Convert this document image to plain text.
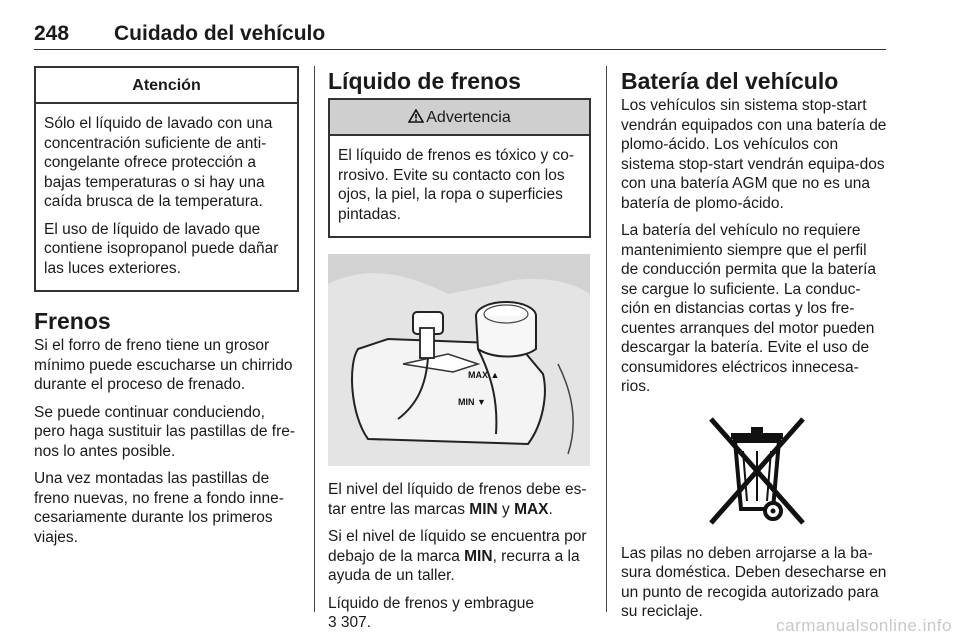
248 Cuidado del vehículo
Atención

Sólo el líquido de lavado con una concentración suficiente de anti-congelante ofrece protección a bajas temperaturas o si hay una caída brusca de la temperatura.

El uso de líquido de lavado que contiene isopropanol puede dañar las luces exteriores.

Frenos

Si el forro de freno tiene un grosor mínimo puede escucharse un chirrido durante el proceso de frenado.

Se puede continuar conduciendo, pero haga sustituir las pastillas de fre-nos lo antes posible.

Una vez montadas las pastillas de freno nuevas, no frene a fondo inne-cesariamente durante los primeros viajes.

Líquido de frenos
Advertencia

El líquido de frenos es tóxico y co-rrosivo. Evite su contacto con los ojos, la piel, la ropa o superficies pintadas.

MAX ▲
MIN ▼

El nivel del líquido de frenos debe es-tar entre las marcas MIN y MAX.

Si el nivel de líquido se encuentra por debajo de la marca MIN, recurra a la ayuda de un taller.

Líquido de frenos y embrague
3 307.

Batería del vehículo

Los vehículos sin sistema stop-start vendrán equipados con una batería de plomo-ácido. Los vehículos con sistema stop-start vendrán equipa-dos con una batería AGM que no es una batería de plomo-ácido.

La batería del vehículo no requiere mantenimiento siempre que el perfil de conducción permita que la batería se cargue lo suficiente. La conduc-ción en distancias cortas y los fre-cuentes arranques del motor pueden descargar la batería. Evite el uso de consumidores eléctricos innecesa-rios.

Las pilas no deben arrojarse a la ba-sura doméstica. Deben desecharse en un punto de recogida autorizado para su reciclaje.

carmanualsonline.info
